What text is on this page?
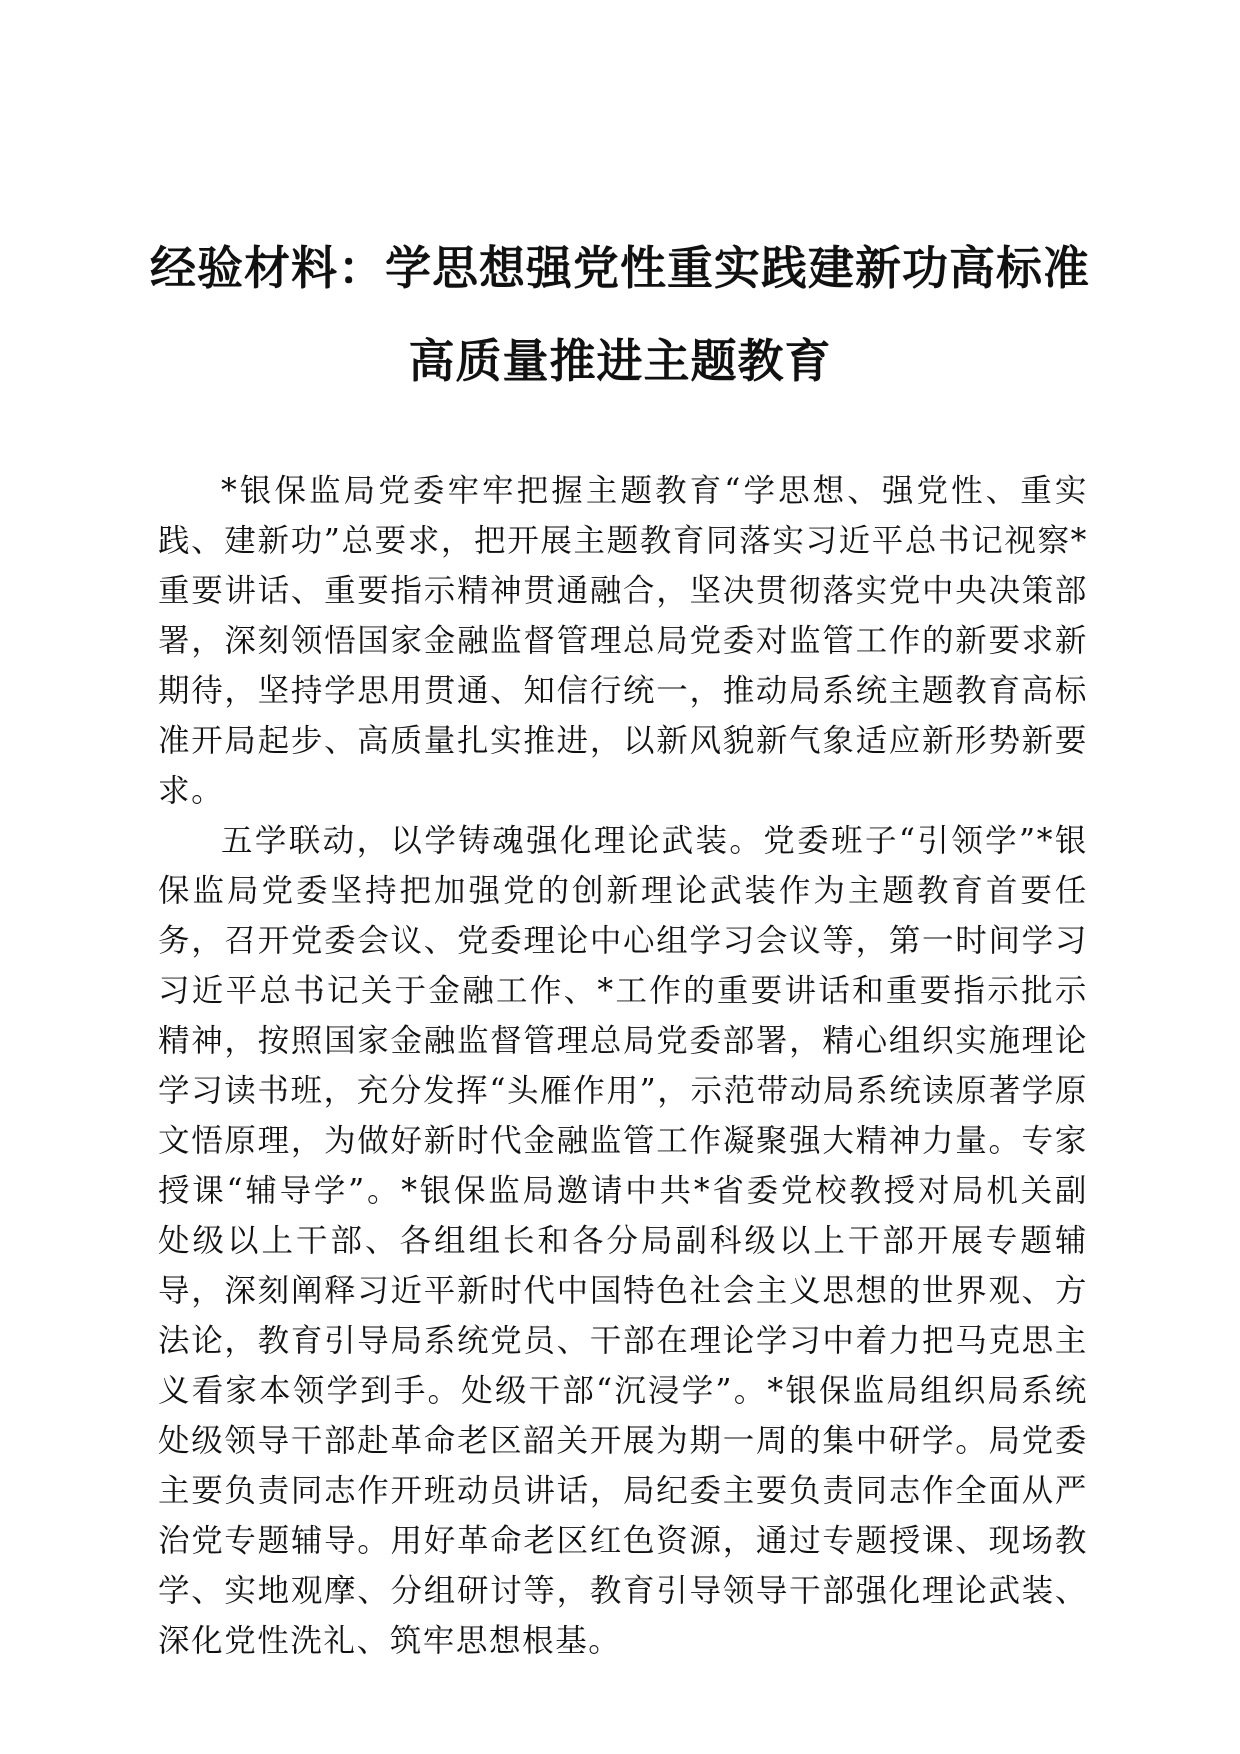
经验材料：学思想强党性重实践建新功高标准高质量推进主题教育

*银保监局党委牢牢把握主题教育“学思想、强党性、重实践、建新功”总要求，把开展主题教育同落实习近平总书记视察*重要讲话、重要指示精神贯通融合，坚决贯彻落实党中央决策部署，深刻领悟国家金融监督管理总局党委对监管工作的新要求新期待，坚持学思用贯通、知信行统一，推动局系统主题教育高标准开局起步、高质量扎实推进，以新风貌新气象适应新形势新要求。

五学联动，以学铸魂强化理论武装。党委班子“引领学”*银保监局党委坚持把加强党的创新理论武装作为主题教育首要任务，召开党委会议、党委理论中心组学习会议等，第一时间学习习近平总书记关于金融工作、*工作的重要讲话和重要指示批示精神，按照国家金融监督管理总局党委部署，精心组织实施理论学习读书班，充分发挥“头雁作用”，示范带动局系统读原著学原文悟原理，为做好新时代金融监管工作凝聚强大精神力量。专家授课“辅导学”。*银保监局邀请中共*省委党校教授对局机关副处级以上干部、各组组长和各分局副科级以上干部开展专题辅导，深刻阐释习近平新时代中国特色社会主义思想的世界观、方法论，教育引导局系统党员、干部在理论学习中着力把马克思主义看家本领学到手。处级干部“沉浸学”。*银保监局组织局系统处级领导干部赴革命老区韶关开展为期一周的集中研学。局党委主要负责同志作开班动员讲话，局纪委主要负责同志作全面从严治党专题辅导。用好革命老区红色资源，通过专题授课、现场教学、实地观摩、分组研讨等，教育引导领导干部强化理论武装、深化党性洗礼、筑牢思想根基。
